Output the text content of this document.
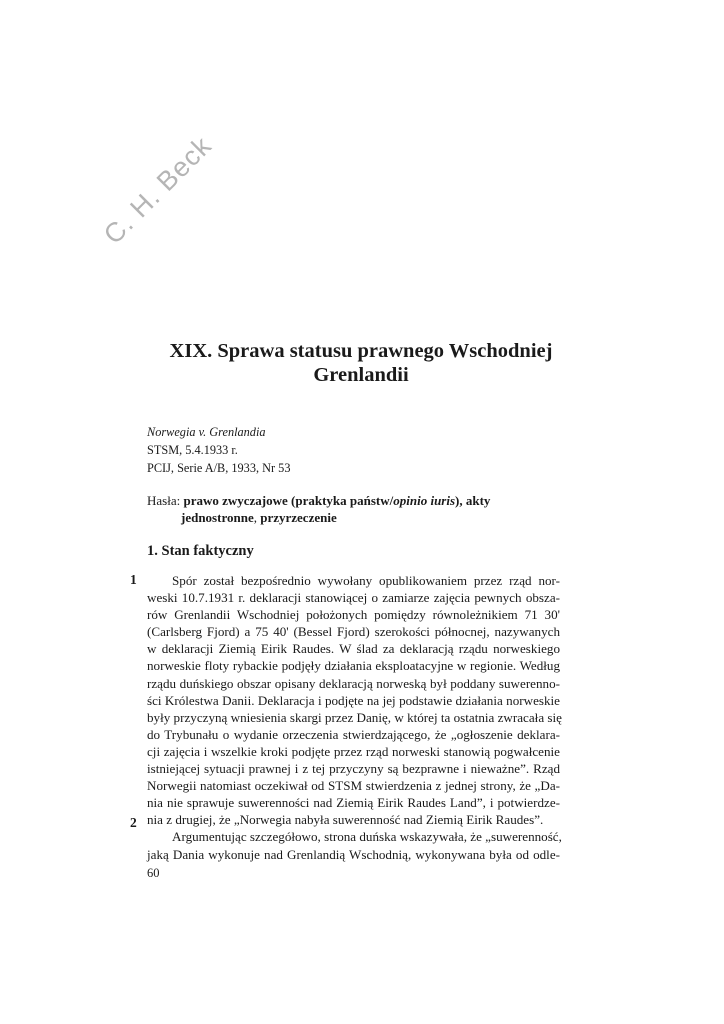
C. H. Beck
XIX. Sprawa statusu prawnego Wschodniej
Grenlandii
Norwegia v. Grenlandia
STSM, 5.4.1933 r.
PCIJ, Serie A/B, 1933, Nr 53
Hasła: prawo zwyczajowe (praktyka państw/opinio iuris), akty
jednostronne, przyrzeczenie
1. Stan faktyczny
1
2
Spór został bezpośrednio wywołany opublikowaniem przez rząd nor-
weski 10.7.1931 r. deklaracji stanowiącej o zamiarze zajęcia pewnych obsza-
rów Grenlandii Wschodniej położonych pomiędzy równoleżnikiem 71 30'
(Carlsberg Fjord) a 75 40' (Bessel Fjord) szerokości północnej, nazywanych
w deklaracji Ziemią Eirik Raudes. W ślad za deklaracją rządu norweskiego
norweskie floty rybackie podjęły działania eksploatacyjne w regionie. Według
rządu duńskiego obszar opisany deklaracją norweską był poddany suwerenno-
ści Królestwa Danii. Deklaracja i podjęte na jej podstawie działania norweskie
były przyczyną wniesienia skargi przez Danię, w której ta ostatnia zwracała się
do Trybunału o wydanie orzeczenia stwierdzającego, że „ogłoszenie deklara-
cji zajęcia i wszelkie kroki podjęte przez rząd norweski stanowią pogwałcenie
istniejącej sytuacji prawnej i z tej przyczyny są bezprawne i nieważne”. Rząd
Norwegii natomiast oczekiwał od STSM stwierdzenia z jednej strony, że „Da-
nia nie sprawuje suwerenności nad Ziemią Eirik Raudes Land”, i potwierdze-
nia z drugiej, że „Norwegia nabyła suwerenność nad Ziemią Eirik Raudes”.
Argumentując szczegółowo, strona duńska wskazywała, że „suwerenność,
jaką Dania wykonuje nad Grenlandią Wschodnią, wykonywana była od odle-
60
